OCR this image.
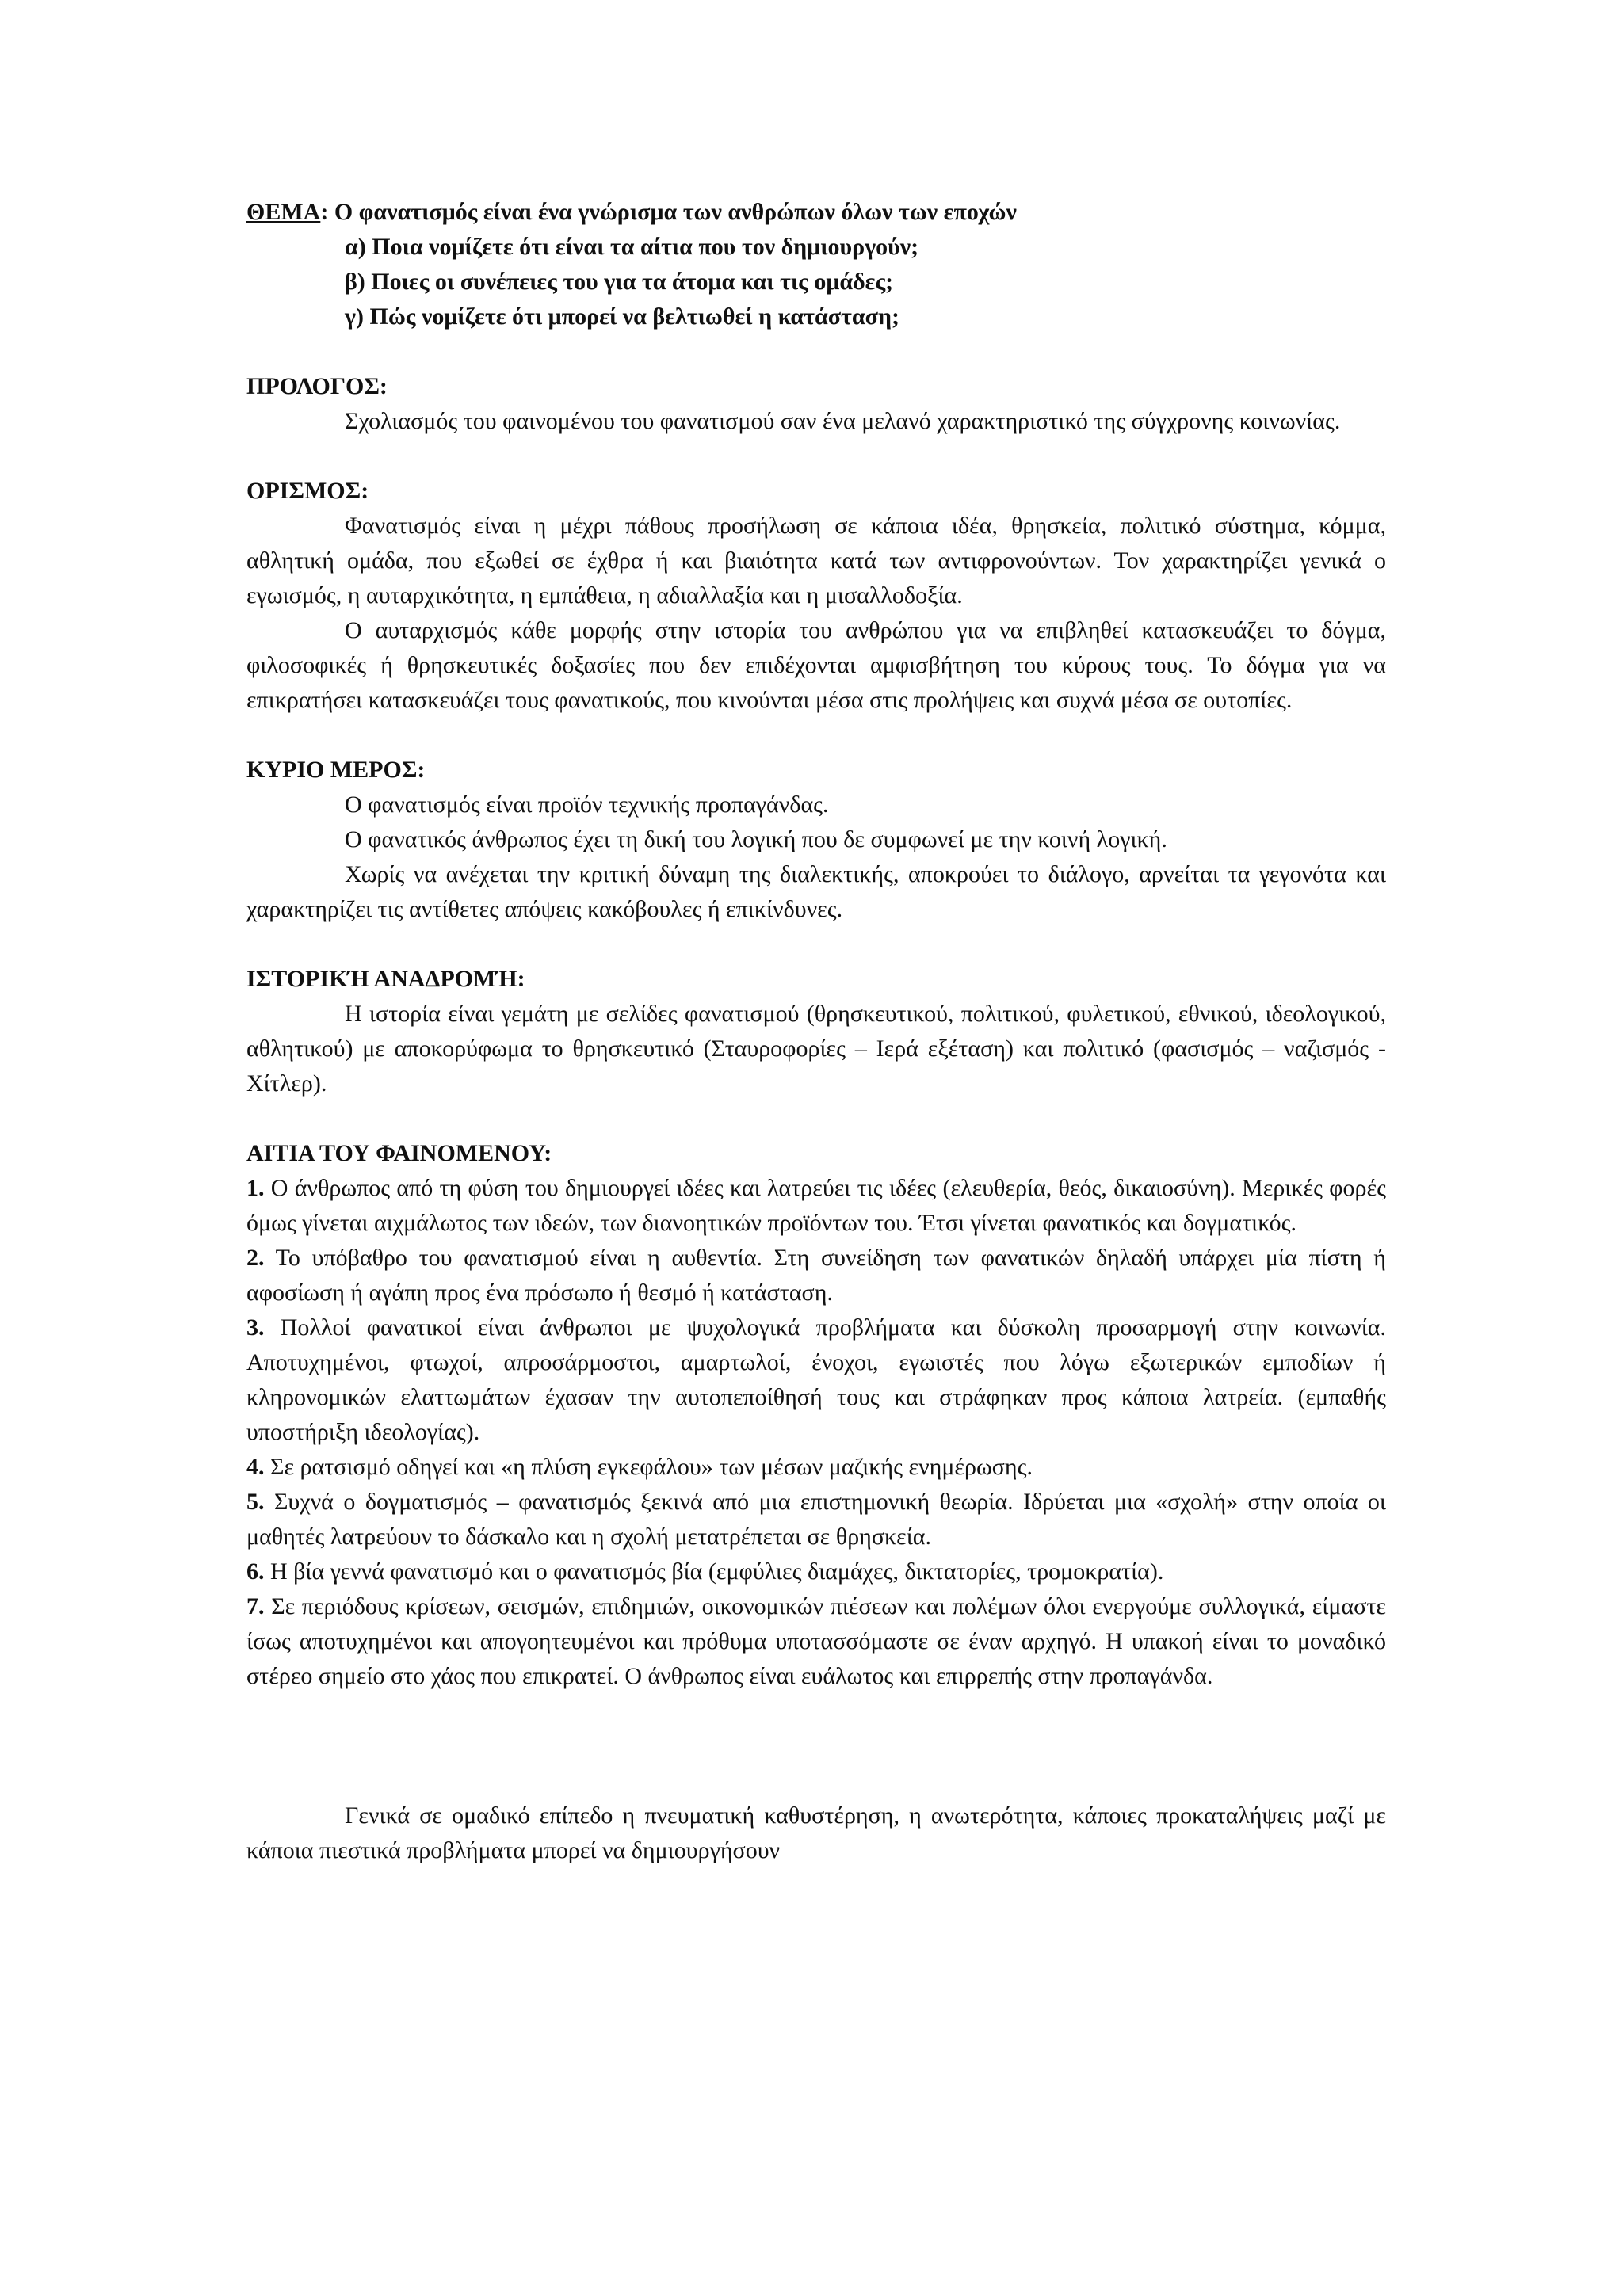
ΘΕΜΑ: Ο φανατισμός είναι ένα γνώρισμα των ανθρώπων όλων των εποχών
α) Ποια νομίζετε ότι είναι τα αίτια που τον δημιουργούν;
β) Ποιες οι συνέπειες του για τα άτομα και τις ομάδες;
γ) Πώς νομίζετε ότι μπορεί να βελτιωθεί η κατάσταση;
ΠΡΟΛΟΓΟΣ:

Σχολιασμός του φαινομένου του φανατισμού σαν ένα μελανό χαρακτηριστικό της σύγχρονης κοινωνίας.

ΟΡΙΣΜΟΣ:

Φανατισμός είναι η μέχρι πάθους προσήλωση σε κάποια ιδέα, θρησκεία, πολιτικό σύστημα, κόμμα, αθλητική ομάδα, που εξωθεί σε έχθρα ή και βιαιότητα κατά των αντιφρονούντων. Τον χαρακτηρίζει γενικά ο εγωισμός, η αυταρχικότητα, η εμπάθεια, η αδιαλλαξία και η μισαλλοδοξία.

Ο αυταρχισμός κάθε μορφής στην ιστορία του ανθρώπου για να επιβληθεί κατασκευάζει το δόγμα, φιλοσοφικές ή θρησκευτικές δοξασίες που δεν επιδέχονται αμφισβήτηση του κύρους τους. Το δόγμα για να επικρατήσει κατασκευάζει τους φανατικούς, που κινούνται μέσα στις προλήψεις και συχνά μέσα σε ουτοπίες.

ΚΥΡΙΟ ΜΕΡΟΣ:

Ο φανατισμός είναι προϊόν τεχνικής προπαγάνδας.

Ο φανατικός άνθρωπος έχει τη δική του λογική που δε συμφωνεί με την κοινή λογική.

Χωρίς να ανέχεται την κριτική δύναμη της διαλεκτικής, αποκρούει το διάλογο, αρνείται τα γεγονότα και χαρακτηρίζει τις αντίθετες απόψεις κακόβουλες ή επικίνδυνες.

ΙΣΤΟΡΙΚΉ ΑΝΑΔΡΟΜΉ:

Η ιστορία είναι γεμάτη με σελίδες φανατισμού (θρησκευτικού, πολιτικού, φυλετικού, εθνικού, ιδεολογικού, αθλητικού) με αποκορύφωμα το θρησκευτικό (Σταυροφορίες – Ιερά εξέταση) και πολιτικό (φασισμός – ναζισμός - Χίτλερ).

ΑΙΤΙΑ ΤΟΥ ΦΑΙΝΟΜΕΝΟΥ:

1. Ο άνθρωπος από τη φύση του δημιουργεί ιδέες και λατρεύει τις ιδέες (ελευθερία, θεός, δικαιοσύνη). Μερικές φορές όμως γίνεται αιχμάλωτος των ιδεών, των διανοητικών προϊόντων του. Έτσι γίνεται φανατικός και δογματικός.

2. Το υπόβαθρο του φανατισμού είναι η αυθεντία. Στη συνείδηση των φανατικών δηλαδή υπάρχει μία πίστη ή αφοσίωση ή αγάπη προς ένα πρόσωπο ή θεσμό ή κατάσταση.

3. Πολλοί φανατικοί είναι άνθρωποι με ψυχολογικά προβλήματα και δύσκολη προσαρμογή στην κοινωνία. Αποτυχημένοι, φτωχοί, απροσάρμοστοι, αμαρτωλοί, ένοχοι, εγωιστές που λόγω εξωτερικών εμποδίων ή κληρονομικών ελαττωμάτων έχασαν την αυτοπεποίθησή τους και στράφηκαν προς κάποια λατρεία. (εμπαθής υποστήριξη ιδεολογίας).

4. Σε ρατσισμό οδηγεί και «η πλύση εγκεφάλου» των μέσων μαζικής ενημέρωσης.

5. Συχνά ο δογματισμός – φανατισμός ξεκινά από μια επιστημονική θεωρία. Ιδρύεται μια «σχολή» στην οποία οι μαθητές λατρεύουν το δάσκαλο και η σχολή μετατρέπεται σε θρησκεία.

6. Η βία γεννά φανατισμό και ο φανατισμός βία (εμφύλιες διαμάχες, δικτατορίες, τρομοκρατία).

7. Σε περιόδους κρίσεων, σεισμών, επιδημιών, οικονομικών πιέσεων και πολέμων όλοι ενεργούμε συλλογικά, είμαστε ίσως αποτυχημένοι και απογοητευμένοι και πρόθυμα υποτασσόμαστε σε έναν αρχηγό. Η υπακοή είναι το μοναδικό στέρεο σημείο στο χάος που επικρατεί. Ο άνθρωπος είναι ευάλωτος και επιρρεπής στην προπαγάνδα.

Γενικά σε ομαδικό επίπεδο η πνευματική καθυστέρηση, η ανωτερότητα, κάποιες προκαταλήψεις μαζί με κάποια πιεστικά προβλήματα μπορεί να δημιουργήσουν
